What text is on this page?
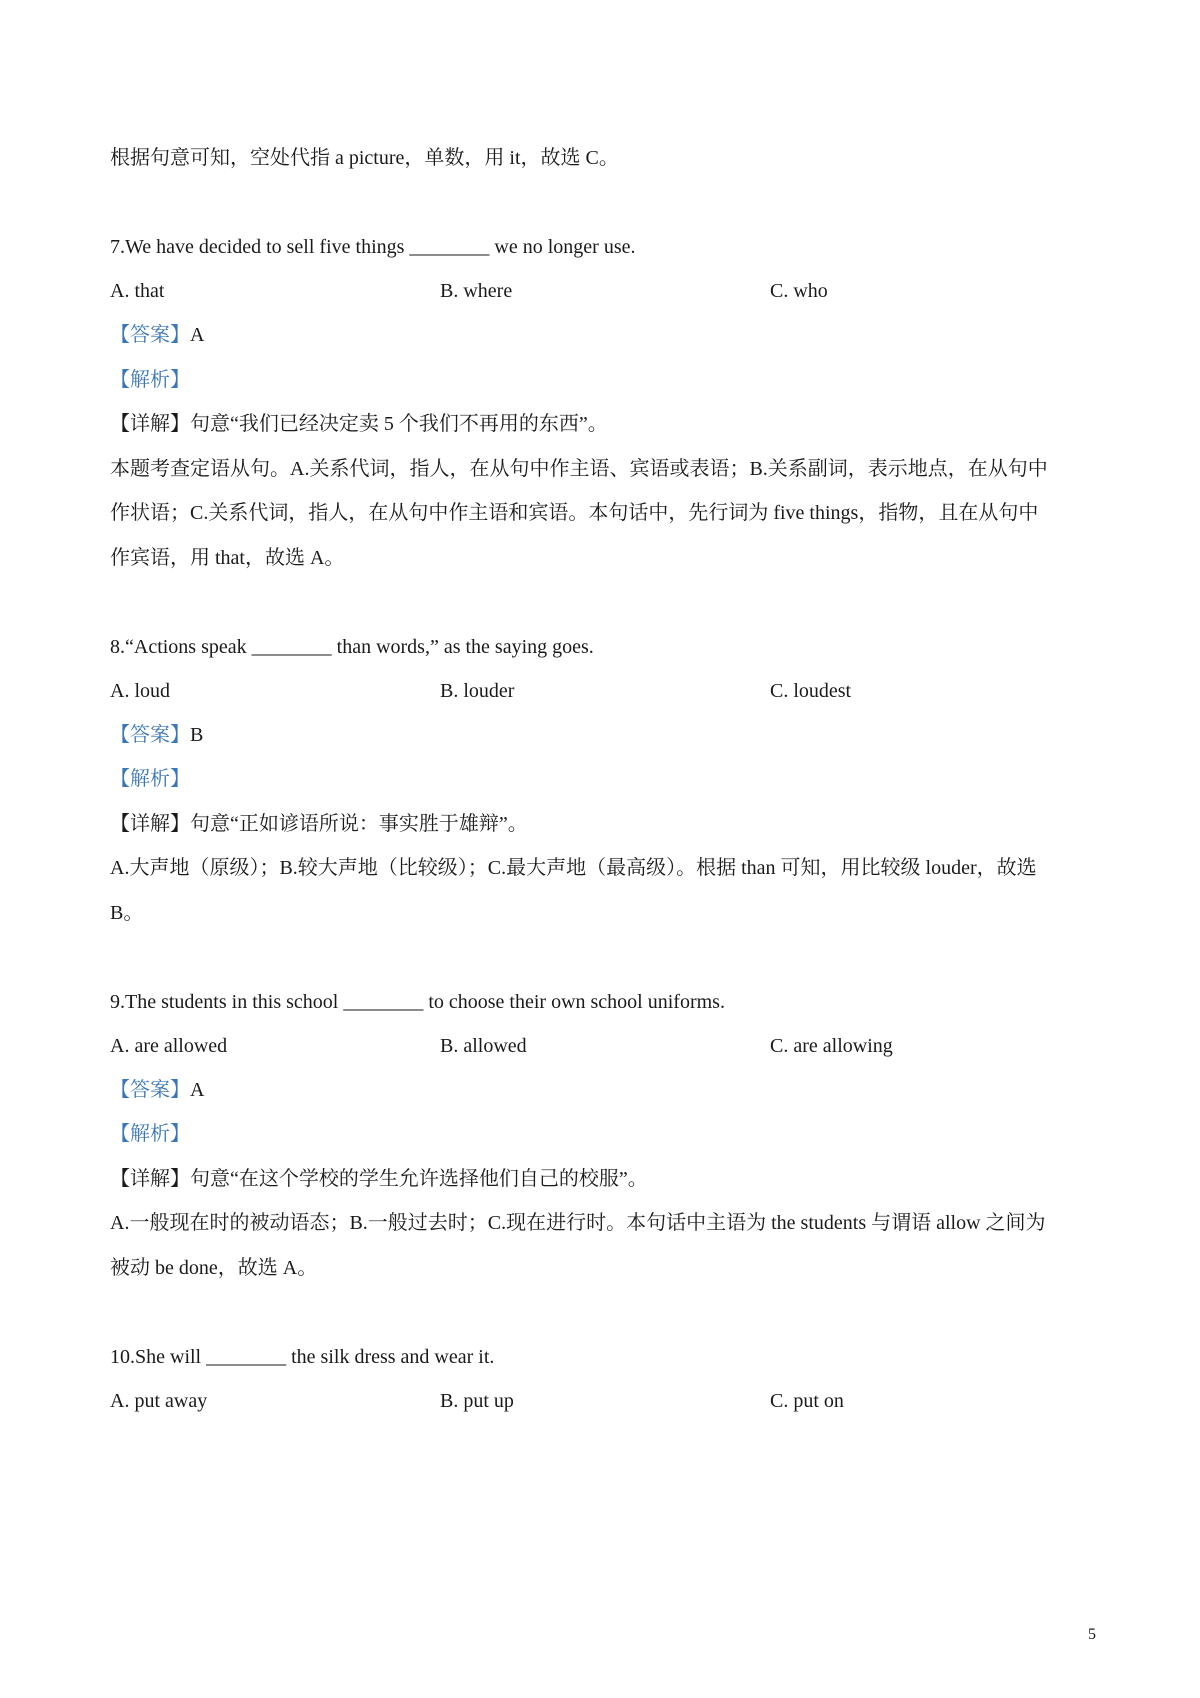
根据句意可知，空处代指 a picture，单数，用 it，故选 C。
7.We have decided to sell five things ________ we no longer use.
A. that	B. where	C. who
【答案】A
【解析】
【详解】句意“我们已经决定卖 5 个我们不再用的东西”。
本题考查定语从句。A.关系代词，指人，在从句中作主语、宾语或表语；B.关系副词，表示地点，在从句中
作状语；C.关系代词，指人，在从句中作主语和宾语。本句话中，先行词为 five things，指物，且在从句中
作宾语，用 that，故选 A。
8.“Actions speak ________ than words,” as the saying goes.
A. loud	B. louder	C. loudest
【答案】B
【解析】
【详解】句意“正如谚语所说：事实胜于雄辩”。
A.大声地（原级）；B.较大声地（比较级）；C.最大声地（最高级）。根据 than 可知，用比较级 louder，故选
B。
9.The students in this school ________ to choose their own school uniforms.
A. are allowed	B. allowed	C. are allowing
【答案】A
【解析】
【详解】句意“在这个学校的学生允许选择他们自己的校服”。
A.一般现在时的被动语态；B.一般过去时；C.现在进行时。本句话中主语为 the students 与谓语 allow 之间为
被动 be done，故选 A。
10.She will ________ the silk dress and wear it.
A. put away	B. put up	C. put on
5
